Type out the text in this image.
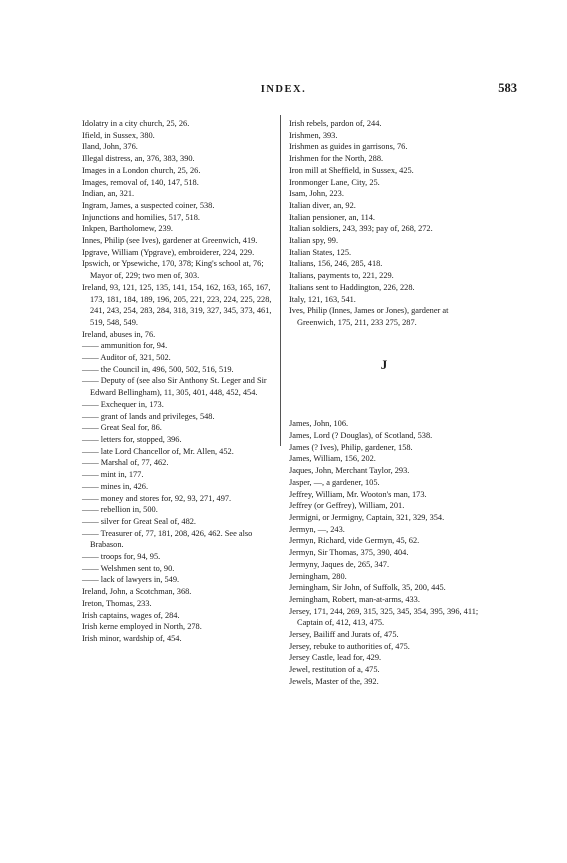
INDEX.	583
Idolatry in a city church, 25, 26.
Ifield, in Sussex, 380.
Iland, John, 376.
Illegal distress, an, 376, 383, 390.
Images in a London church, 25, 26.
Images, removal of, 140, 147, 518.
Indian, an, 321.
Ingram, James, a suspected coiner, 538.
Injunctions and homilies, 517, 518.
Inkpen, Bartholomew, 239.
Innes, Philip (see Ives), gardener at Greenwich, 419.
Ipgrave, William (Ypgrave), embroiderer, 224, 229.
Ipswich, or Ypsewiche, 170, 378; King's school at, 76; Mayor of, 229; two men of, 303.
Ireland, 93, 121, 125, 135, 141, 154, 162, 163, 165, 167, 173, 181, 184, 189, 196, 205, 221, 223, 224, 225, 228, 241, 243, 254, 283, 284, 318, 319, 327, 345, 373, 461, 519, 548, 549.
Ireland, abuses in, 76.
—— ammunition for, 94.
—— Auditor of, 321, 502.
—— the Council in, 496, 500, 502, 516, 519.
—— Deputy of (see also Sir Anthony St. Leger and Sir Edward Bellingham), 11, 305, 401, 448, 452, 454.
—— Exchequer in, 173.
—— grant of lands and privileges, 548.
—— Great Seal for, 86.
—— letters for, stopped, 396.
—— late Lord Chancellor of, Mr. Allen, 452.
—— Marshal of, 77, 462.
—— mint in, 177.
—— mines in, 426.
—— money and stores for, 92, 93, 271, 497.
—— rebellion in, 500.
—— silver for Great Seal of, 482.
—— Treasurer of, 77, 181, 208, 426, 462. See also Brabason.
—— troops for, 94, 95.
—— Welshmen sent to, 90.
—— lack of lawyers in, 549.
Ireland, John, a Scotchman, 368.
Ireton, Thomas, 233.
Irish captains, wages of, 284.
Irish kerne employed in North, 278.
Irish minor, wardship of, 454.
Irish rebels, pardon of, 244.
Irishmen, 393.
Irishmen as guides in garrisons, 76.
Irishmen for the North, 288.
Iron mill at Sheffield, in Sussex, 425.
Ironmonger Lane, City, 25.
Isam, John, 223.
Italian diver, an, 92.
Italian pensioner, an, 114.
Italian soldiers, 243, 393; pay of, 268, 272.
Italian spy, 99.
Italian States, 125.
Italians, 156, 246, 285, 418.
Italians, payments to, 221, 229.
Italians sent to Haddington, 226, 228.
Italy, 121, 163, 541.
Ives, Philip (Innes, James or Jones), gardener at Greenwich, 175, 211, 233 275, 287.
J
James, John, 106.
James, Lord (? Douglas), of Scotland, 538.
James (? Ives), Philip, gardener, 158.
James, William, 156, 202.
Jaques, John, Merchant Taylor, 293.
Jasper, —, a gardener, 105.
Jeffrey, William, Mr. Wooton's man, 173.
Jeffrey (or Geffrey), William, 201.
Jermigni, or Jermigny, Captain, 321, 329, 354.
Jermyn, —, 243.
Jermyn, Richard, vide Germyn, 45, 62.
Jermyn, Sir Thomas, 375, 390, 404.
Jermyny, Jaques de, 265, 347.
Jerningham, 280.
Jerningham, Sir John, of Suffolk, 35, 200, 445.
Jerningham, Robert, man-at-arms, 433.
Jersey, 171, 244, 269, 315, 325, 345, 354, 395, 396, 411; Captain of, 412, 413, 475.
Jersey, Bailiff and Jurats of, 475.
Jersey, rebuke to authorities of, 475.
Jersey Castle, lead for, 429.
Jewel, restitution of a, 475.
Jewels, Master of the, 392.
